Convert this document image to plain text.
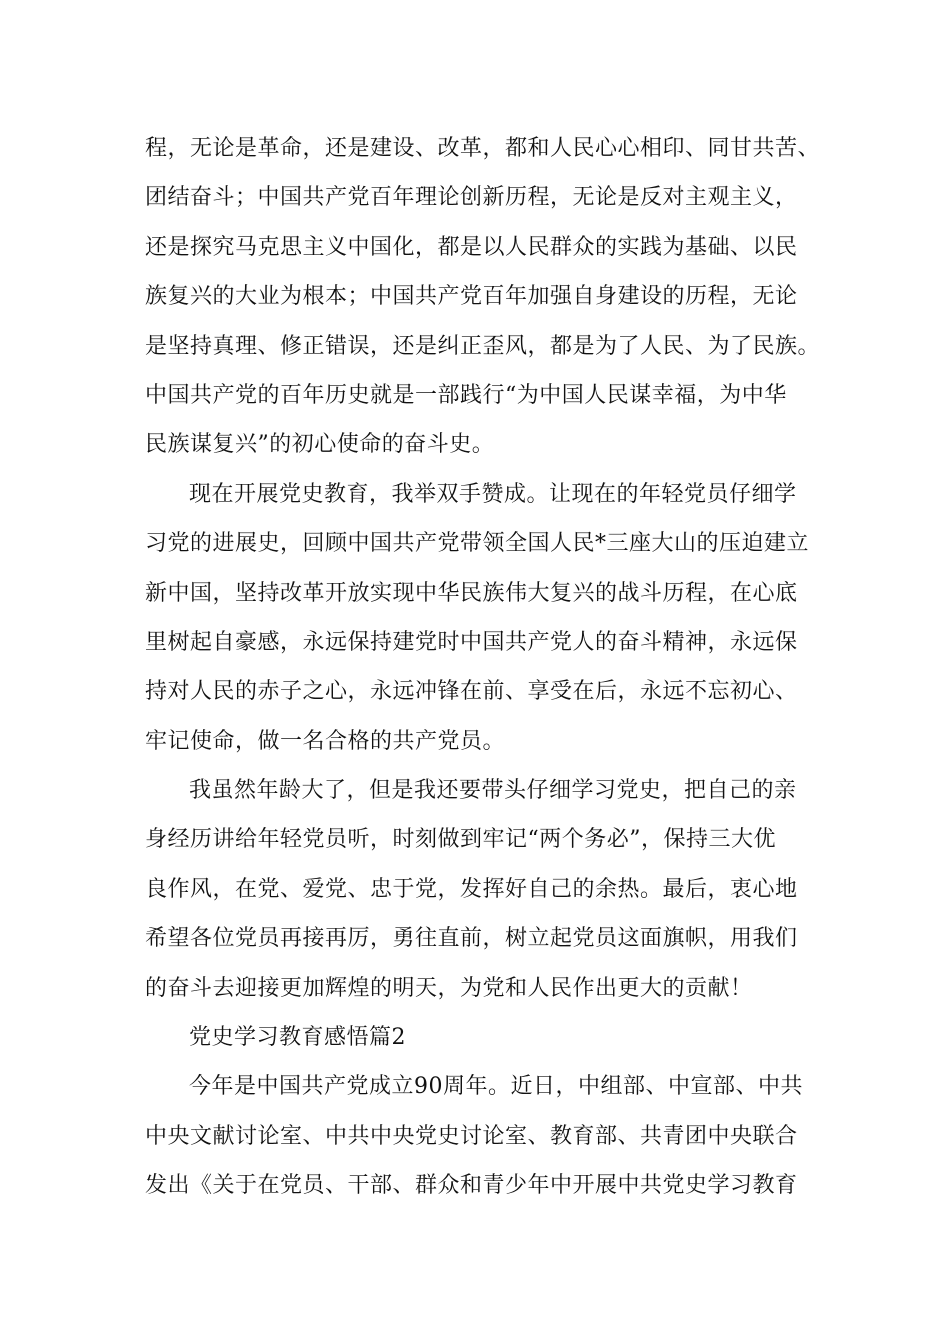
程，无论是革命，还是建设、改革，都和人民心心相印、同甘共苦、
团结奋斗；中国共产党百年理论创新历程，无论是反对主观主义，
还是探究马克思主义中国化，都是以人民群众的实践为基础、以民
族复兴的大业为根本；中国共产党百年加强自身建设的历程，无论
是坚持真理、修正错误，还是纠正歪风，都是为了人民、为了民族。
中国共产党的百年历史就是一部践行“为中国人民谋幸福，为中华
民族谋复兴”的初心使命的奋斗史。
现在开展党史教育，我举双手赞成。让现在的年轻党员仔细学
习党的进展史，回顾中国共产党带领全国人民*三座大山的压迫建立
新中国，坚持改革开放实现中华民族伟大复兴的战斗历程，在心底
里树起自豪感，永远保持建党时中国共产党人的奋斗精神，永远保
持对人民的赤子之心，永远冲锋在前、享受在后，永远不忘初心、
牢记使命，做一名合格的共产党员。
我虽然年龄大了，但是我还要带头仔细学习党史，把自己的亲
身经历讲给年轻党员听，时刻做到牢记“两个务必”，保持三大优
良作风，在党、爱党、忠于党，发挥好自己的余热。最后，衷心地
希望各位党员再接再厉，勇往直前，树立起党员这面旗帜，用我们
的奋斗去迎接更加辉煌的明天，为党和人民作出更大的贡献！
党史学习教育感悟篇2
今年是中国共产党成立90周年。近日，中组部、中宣部、中共
中央文献讨论室、中共中央党史讨论室、教育部、共青团中央联合
发出《关于在党员、干部、群众和青少年中开展中共党史学习教育
